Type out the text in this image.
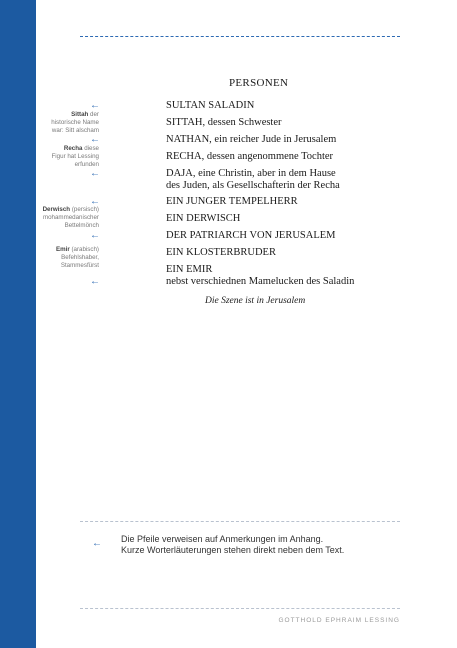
PERSONEN
SULTAN SALADIN
SITTAH, dessen Schwester
NATHAN, ein reicher Jude in Jerusalem
RECHA, dessen angenommene Tochter
DAJA, eine Christin, aber in dem Hause
des Juden, als Gesellschafterin der Recha
EIN JUNGER TEMPELHERR
EIN DERWISCH
DER PATRIARCH VON JERUSALEM
EIN KLOSTERBRUDER
EIN EMIR
nebst verschiednen Mamelucken des Saladin
Die Szene ist in Jerusalem
←
←
←
←
←
←
Sittah der
historische Name
war: Sitt alscham
Recha diese
Figur hat Lessing
erfunden
Derwisch (persisch)
mohammedanischer
Bettelmönch
Emir (arabisch)
Befehlshaber,
Stammesfürst
← Die Pfeile verweisen auf Anmerkungen im Anhang.
Kurze Worterläuterungen stehen direkt neben dem Text.
GOTTHOLD EPHRAIM LESSING
